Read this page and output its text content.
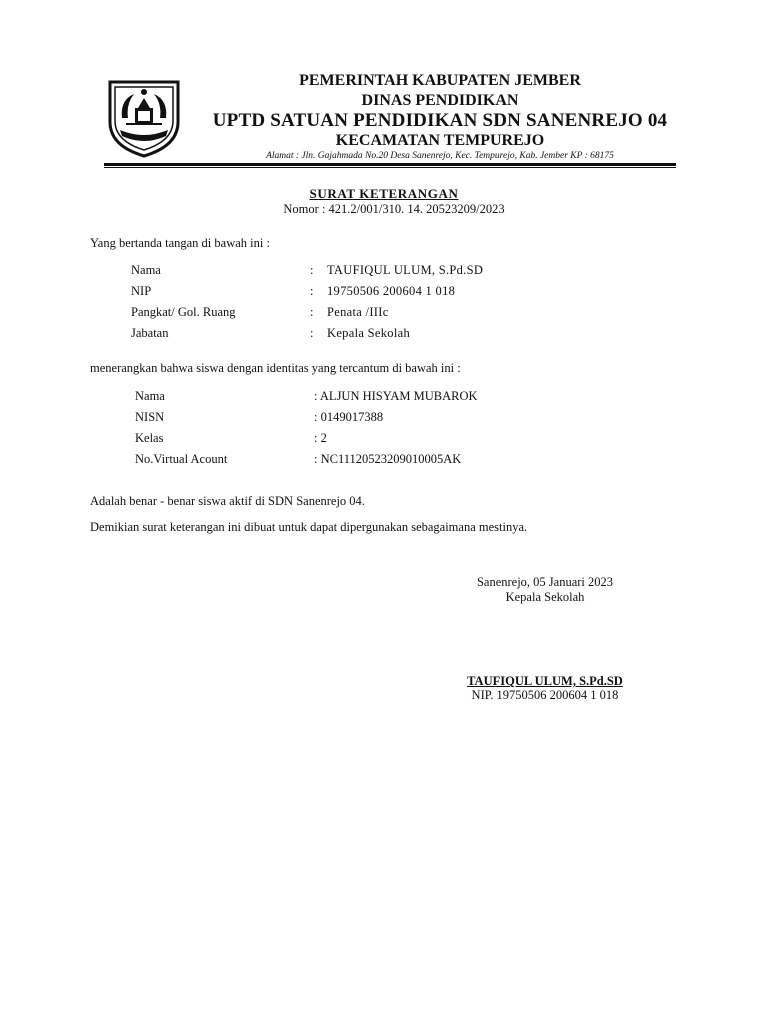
PEMERINTAH KABUPATEN JEMBER
DINAS PENDIDIKAN
UPTD SATUAN PENDIDIKAN SDN SANENREJO 04
KECAMATAN TEMPUREJO
Alamat : Jln. Gajahmada No.20 Desa Sanenrejo, Kec. Tempurejo, Kab. Jember KP : 68175
SURAT KETERANGAN
Nomor : 421.2/001/310. 14. 20523209/2023
Yang bertanda tangan di bawah ini :
Nama	: TAUFIQUL ULUM, S.Pd.SD
NIP	: 19750506 200604 1 018
Pangkat/ Gol. Ruang	: Penata /IIIc
Jabatan	: Kepala Sekolah
menerangkan bahwa siswa dengan identitas yang tercantum di bawah ini :
Nama	: ALJUN HISYAM MUBAROK
NISN	: 0149017388
Kelas	: 2
No.Virtual Acount	: NC11120523209010005AK
Adalah benar - benar siswa aktif di SDN Sanenrejo 04.
Demikian surat keterangan ini dibuat untuk dapat dipergunakan sebagaimana mestinya.
Sanenrejo, 05 Januari 2023
Kepala Sekolah
TAUFIQUL ULUM, S.Pd.SD
NIP. 19750506 200604 1 018
